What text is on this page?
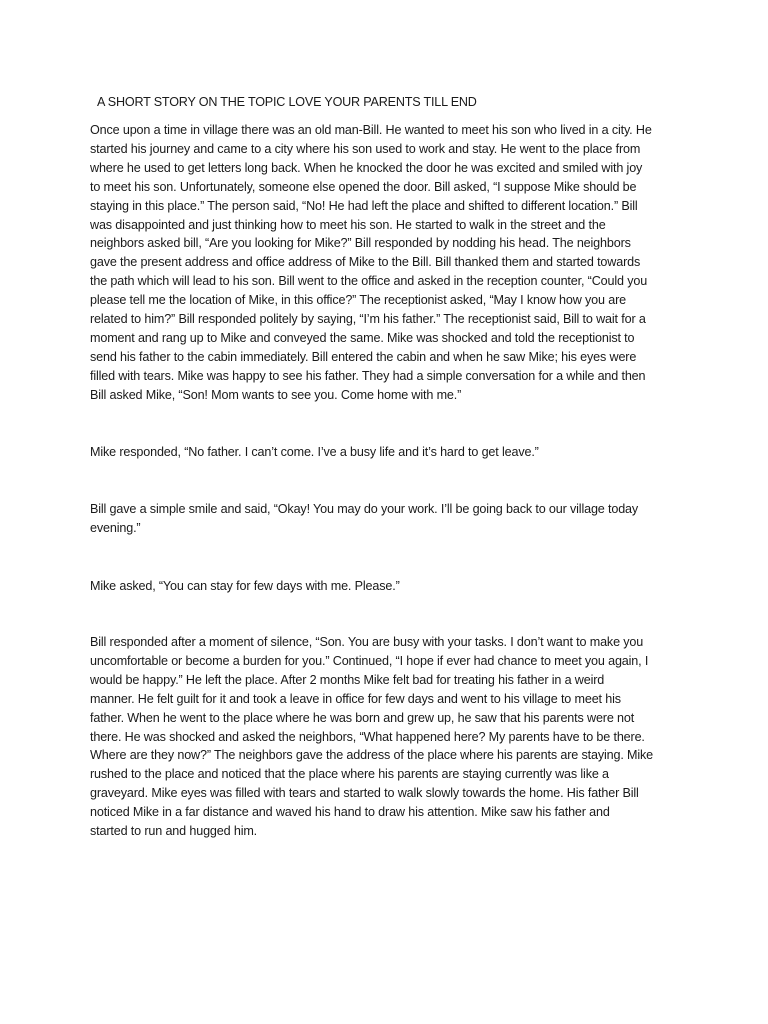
A SHORT STORY ON THE TOPIC LOVE YOUR PARENTS TILL END

Once upon a time in village there was an old man-Bill. He wanted to meet his son who lived in a city. He
started his journey and came to a city where his son used to work and stay. He went to the place from
where he used to get letters long back. When he knocked the door he was excited and smiled with joy
to meet his son. Unfortunately, someone else opened the door. Bill asked, “I suppose Mike should be
staying in this place.” The person said, “No! He had left the place and shifted to different location.” Bill
was disappointed and just thinking how to meet his son. He started to walk in the street and the
neighbors asked bill, “Are you looking for Mike?” Bill responded by nodding his head. The neighbors
gave the present address and office address of Mike to the Bill. Bill thanked them and started towards
the path which will lead to his son. Bill went to the office and asked in the reception counter, “Could you
please tell me the location of Mike, in this office?” The receptionist asked, “May I know how you are
related to him?” Bill responded politely by saying, “I’m his father.” The receptionist said, Bill to wait for a
moment and rang up to Mike and conveyed the same. Mike was shocked and told the receptionist to
send his father to the cabin immediately. Bill entered the cabin and when he saw Mike; his eyes were
filled with tears. Mike was happy to see his father. They had a simple conversation for a while and then
Bill asked Mike, “Son! Mom wants to see you. Come home with me.”

Mike responded, “No father. I can’t come. I’ve a busy life and it’s hard to get leave.”

Bill gave a simple smile and said, “Okay! You may do your work. I’ll be going back to our village today
evening.”

Mike asked, “You can stay for few days with me. Please.”

Bill responded after a moment of silence, “Son. You are busy with your tasks. I don’t want to make you
uncomfortable or become a burden for you.” Continued, “I hope if ever had chance to meet you again, I
would be happy.” He left the place. After 2 months Mike felt bad for treating his father in a weird
manner. He felt guilt for it and took a leave in office for few days and went to his village to meet his
father. When he went to the place where he was born and grew up, he saw that his parents were not
there. He was shocked and asked the neighbors, “What happened here? My parents have to be there.
Where are they now?” The neighbors gave the address of the place where his parents are staying. Mike
rushed to the place and noticed that the place where his parents are staying currently was like a
graveyard. Mike eyes was filled with tears and started to walk slowly towards the home. His father Bill
noticed Mike in a far distance and waved his hand to draw his attention. Mike saw his father and
started to run and hugged him.
